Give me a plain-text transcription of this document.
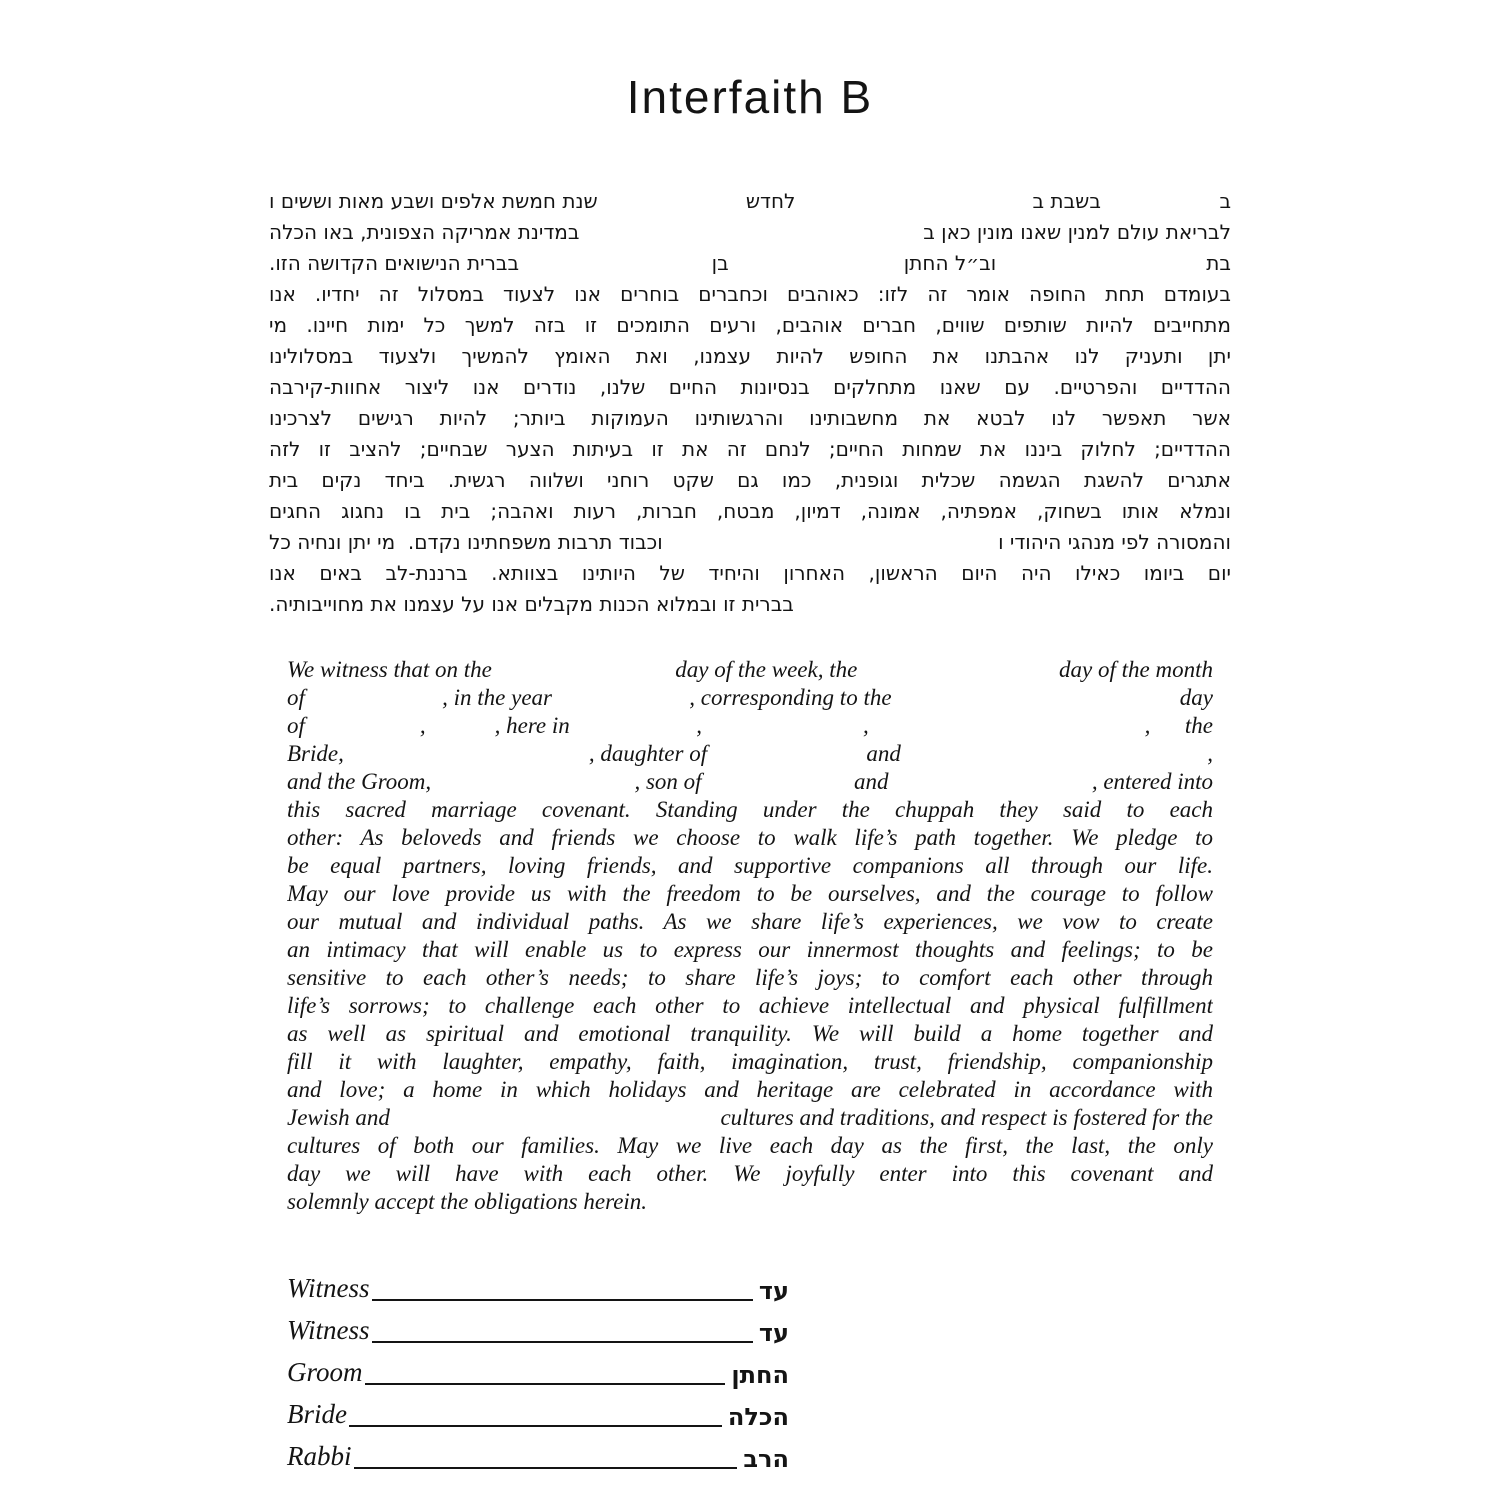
Interfaith B
ב
בשבת ב
לחדש
שנת חמשת אלפים ושבע מאות וששים ו
לבריאת עולם למנין שאנו מונין כאן ב
במדינת אמריקה הצפונית, באו הכלה
בת
וב״ל החתן
בן
בברית הנישואים הקדושה הזו.
בעומדם תחת החופה אומר זה לזו: כאוהבים וכחברים בוחרים אנו לצעוד במסלול זה יחדיו. אנו
מתחייבים להיות שותפים שווים, חברים אוהבים, ורעים התומכים זו בזה למשך כל ימות חיינו. מי
יתן ותעניק לנו אהבתנו את החופש להיות עצמנו, ואת האומץ להמשיך ולצעוד במסלולינו
ההדדיים והפרטיים. עם שאנו מתחלקים בנסיונות החיים שלנו, נודרים אנו ליצור אחוות-קירבה
אשר תאפשר לנו לבטא את מחשבותינו והרגשותינו העמוקות ביותר; להיות רגישים לצרכינו
ההדדיים; לחלוק ביננו את שמחות החיים; לנחם זה את זו בעיתות הצער שבחיים; להציב זו לזה
אתגרים להשגת הגשמה שכלית וגופנית, כמו גם שקט רוחני ושלווה רגשית. ביחד נקים בית
ונמלא אותו בשחוק, אמפתיה, אמונה, דמיון, מבטח, חברות, רעות ואהבה; בית בו נחגוג החגים
והמסורה לפי מנהגי היהודי ו
וכבוד תרבות משפחתינו נקדם.  מי יתן ונחיה כל
יום ביומו כאילו היה היום הראשון, האחרון והיחיד של היותינו בצוותא. ברננת-לב באים אנו
בברית זו ובמלוא הכנות מקבלים אנו על עצמנו את מחוייבותיה.
We witness that on the	day of the week, the	day of the month
of	, in the year	, corresponding to the	day
of	,	, here in	,	,	, the
Bride,	, daughter of	and	,
and the Groom,	, son of	and	, entered into
this sacred marriage covenant. Standing under the chuppah they said to each
other: As beloveds and friends we choose to walk life’s path together. We pledge to
be equal partners, loving friends, and supportive companions all through our life.
May our love provide us with the freedom to be ourselves, and the courage to follow
our mutual and individual paths. As we share life’s experiences, we vow to create
an intimacy that will enable us to express our innermost thoughts and feelings; to be
sensitive to each other’s needs; to share life’s joys; to comfort each other through
life’s sorrows; to challenge each other to achieve intellectual and physical fulfillment
as well as spiritual and emotional tranquility. We will build a home together and
fill it with laughter, empathy, faith, imagination, trust, friendship, companionship
and love; a home in which holidays and heritage are celebrated in accordance with
Jewish and	cultures and traditions, and respect is fostered for the
cultures of both our families. May we live each day as the first, the last, the only
day we will have with each other. We joyfully enter into this covenant and
solemnly accept the obligations herein.
Witness	עד
Witness	עד
Groom	החתן
Bride	הכלה
Rabbi	הרב
